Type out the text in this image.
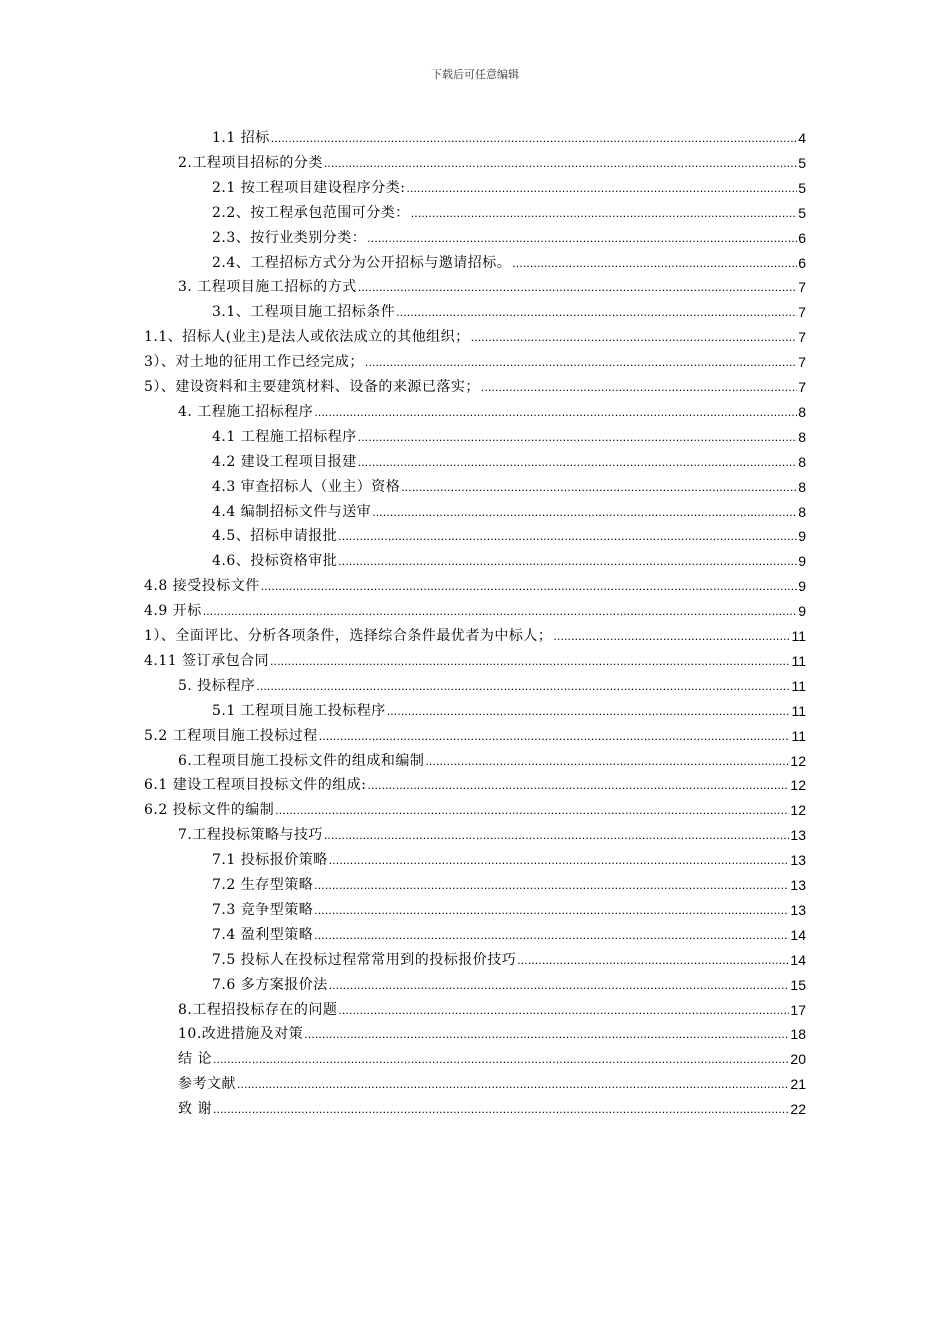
下载后可任意编辑
1.1 招标 .....	4
2.工程项目招标的分类 .....	5
2.1 按工程项目建设程序分类: .....	5
2.2、按工程承包范围可分类： .....	5
2.3、按行业类别分类： .....	6
2.4、工程招标方式分为公开招标与邀请招标。 .....	6
3. 工程项目施工招标的方式 .....	7
3.1、工程项目施工招标条件 .....	7
1.1、招标人(业主)是法人或依法成立的其他组织； .....	7
3）、对土地的征用工作已经完成； .....	7
5）、建设资料和主要建筑材料、设备的来源已落实； .....	7
4. 工程施工招标程序 .....	8
4.1 工程施工招标程序 .....	8
4.2 建设工程项目报建 .....	8
4.3 审查招标人（业主）资格 .....	8
4.4 编制招标文件与送审 .....	8
4.5、招标申请报批 .....	9
4.6、投标资格审批 .....	9
4.8 接受投标文件 .....	9
4.9 开标 .....	9
1）、全面评比、分析各项条件，选择综合条件最优者为中标人； .....	11
4.11 签订承包合同 .....	11
5. 投标程序 .....	11
5.1 工程项目施工投标程序 .....	11
5.2 工程项目施工投标过程 .....	11
6.工程项目施工投标文件的组成和编制 .....	12
6.1 建设工程项目投标文件的组成: .....	12
6.2 投标文件的编制 .....	12
7.工程投标策略与技巧 .....	13
7.1 投标报价策略 .....	13
7.2 生存型策略 .....	13
7.3 竞争型策略 .....	13
7.4 盈利型策略 .....	14
7.5 投标人在投标过程常常用到的投标报价技巧 .....	14
7.6 多方案报价法 .....	15
8.工程招投标存在的问题 .....	17
10.改进措施及对策 .....	18
结 论 .....	20
参考文献 .....	21
致 谢 .....	22
